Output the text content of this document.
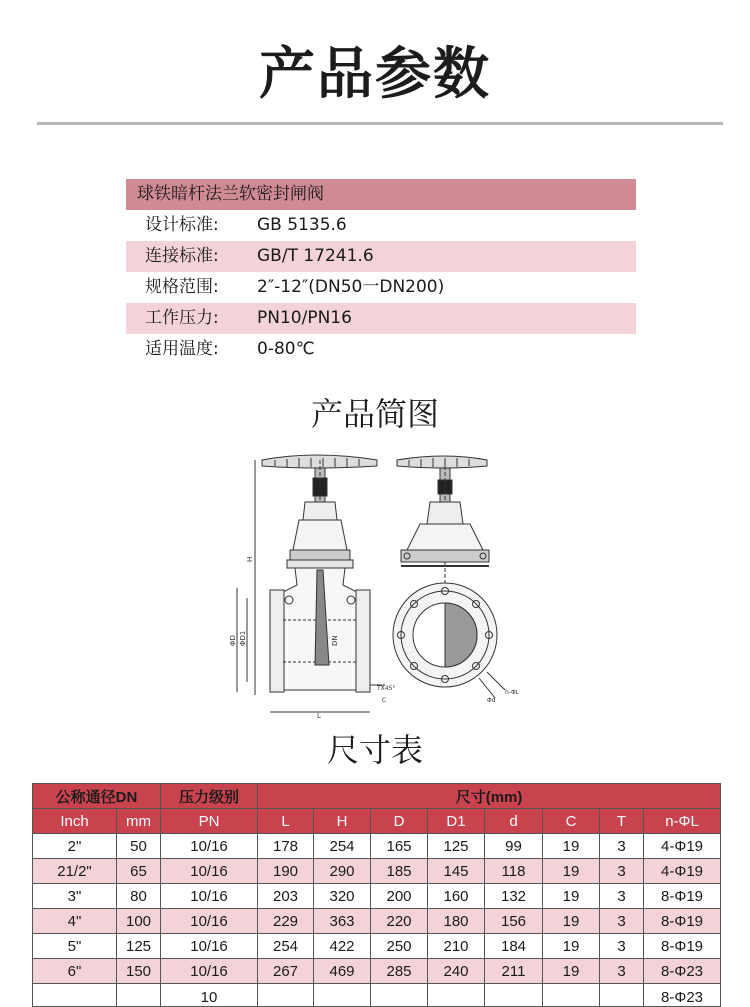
产品参数
球铁暗杆法兰软密封闸阀
设计标准:	GB 5135.6
连接标准:	GB/T 17241.6
规格范围:	2″-12″(DN50一DN200)
工作压力:	PN10/PN16
适用温度:	0-80℃
产品简图
H
ΦD ΦD1	DN
L
TX45°
C	Φd
n-ΦL
尺寸表
公称通径DN		压力级别	尺寸(mm)							
Inch	mm	PN	L	H	D	D1	d	C	T	n-ΦL
2"	50	10/16	178	254	165	125	99	19	3	4-Φ19
21/2"	65	10/16	190	290	185	145	118	19	3	4-Φ19
3"	80	10/16	203	320	200	160	132	19	3	8-Φ19
4"	100	10/16	229	363	220	180	156	19	3	8-Φ19
5"	125	10/16	254	422	250	210	184	19	3	8-Φ19
6"	150	10/16	267	469	285	240	211	19	3	8-Φ23
		10								8-Φ23
